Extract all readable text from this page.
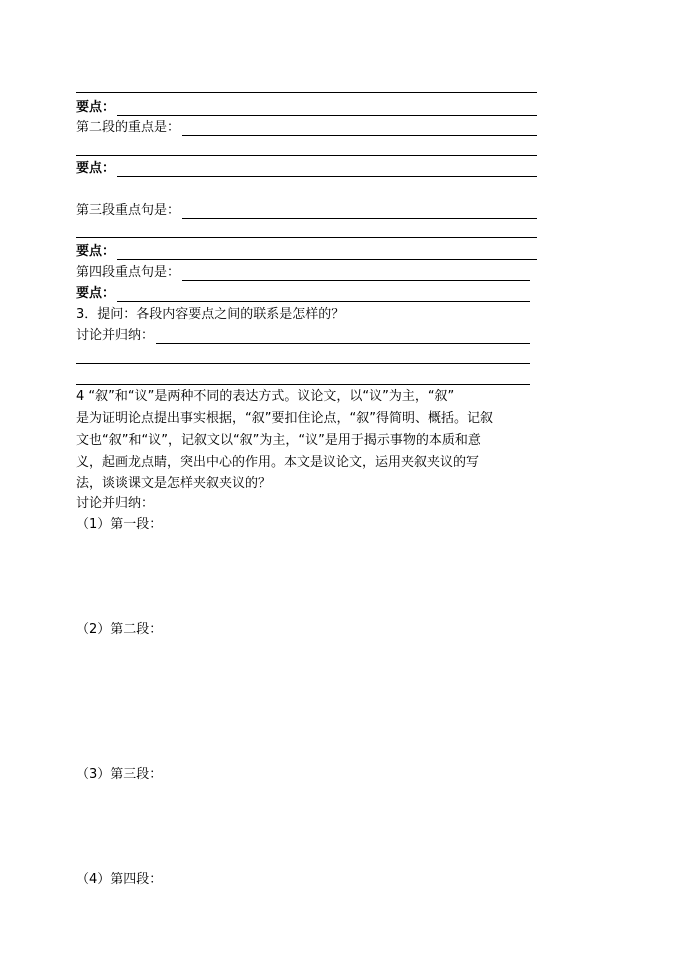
要点：
第二段的重点是：
要点：
第三段重点句是：
要点：
第四段重点句是：
要点：
3．提问：各段内容要点之间的联系是怎样的？
讨论并归纳：
4 “叙”和“议”是两种不同的表达方式。议论文，以“议”为主，“叙”
是为证明论点提出事实根据，“叙”要扣住论点，“叙”得简明、概括。记叙
文也“叙”和“议”，记叙文以“叙”为主，“议”是用于揭示事物的本质和意
义，起画龙点睛，突出中心的作用。本文是议论文，运用夹叙夹议的写
法，谈谈课文是怎样夹叙夹议的？
讨论并归纳：
（1）第一段：
（2）第二段：
（3）第三段：
（4）第四段：
